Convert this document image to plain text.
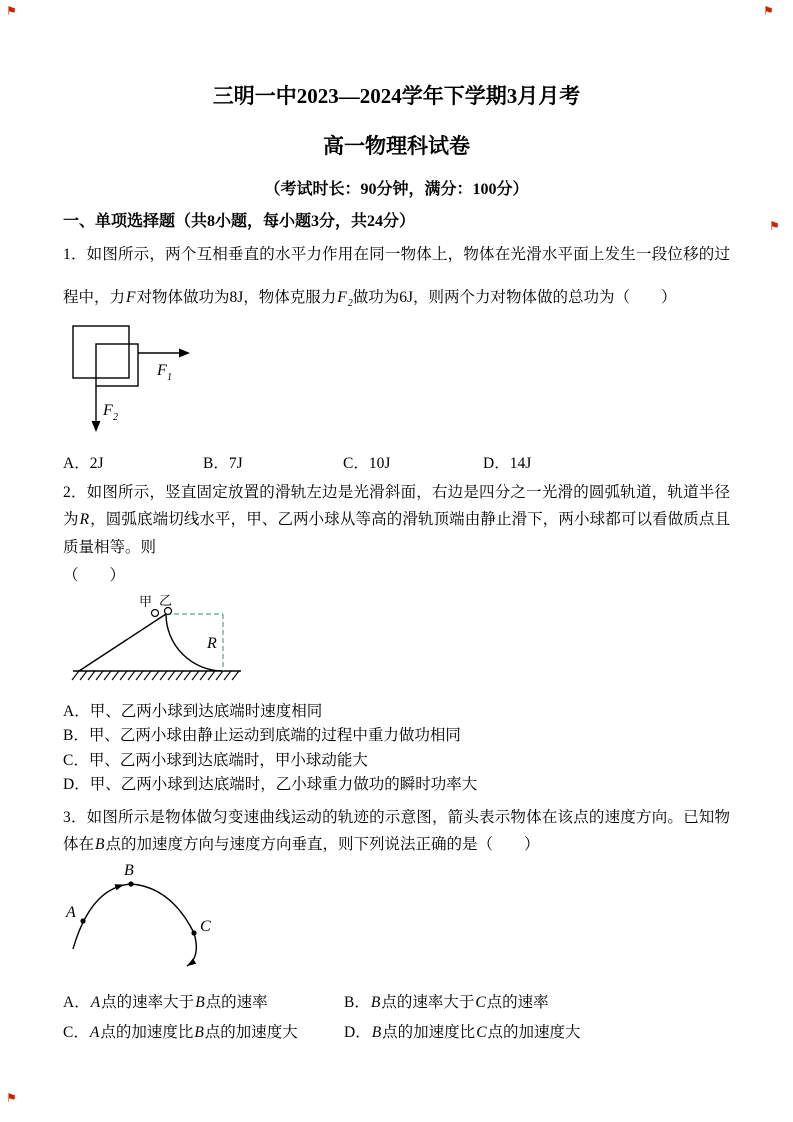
⚑	⚑
⚑
⚑
三明一中2023—2024学年下学期3月月考
高一物理科试卷
（考试时长：90分钟，满分：100分）
一、单项选择题（共8小题，每小题3分，共24分）

1．如图所示，两个互相垂直的水平力作用在同一物体上，物体在光滑水平面上发生一段位移的过程中，力F对物体做功为8J，物体克服力$F_2$做功为6J，则两个力对物体做的总功为（　　）

F 1
F 2
A．2J	B．7J	C．10J	D．14J

2．如图所示，竖直固定放置的滑轨左边是光滑斜面，右边是四分之一光滑的圆弧轨道，轨道半径为R，圆弧底端切线水平，甲、乙两小球从等高的滑轨顶端由静止滑下，两小球都可以看做质点且质量相等。则

（　　）
甲 乙
R
A．甲、乙两小球到达底端时速度相同
B．甲、乙两小球由静止运动到底端的过程中重力做功相同
C．甲、乙两小球到达底端时，甲小球动能大
D．甲、乙两小球到达底端时，乙小球重力做功的瞬时功率大

3．如图所示是物体做匀变速曲线运动的轨迹的示意图，箭头表示物体在该点的速度方向。已知物体在B点的加速度方向与速度方向垂直，则下列说法正确的是（　　）

A
B
C
A．A点的速率大于B点的速率	B．B点的速率大于C点的速率
C．A点的加速度比B点的加速度大	D．B点的加速度比C点的加速度大
